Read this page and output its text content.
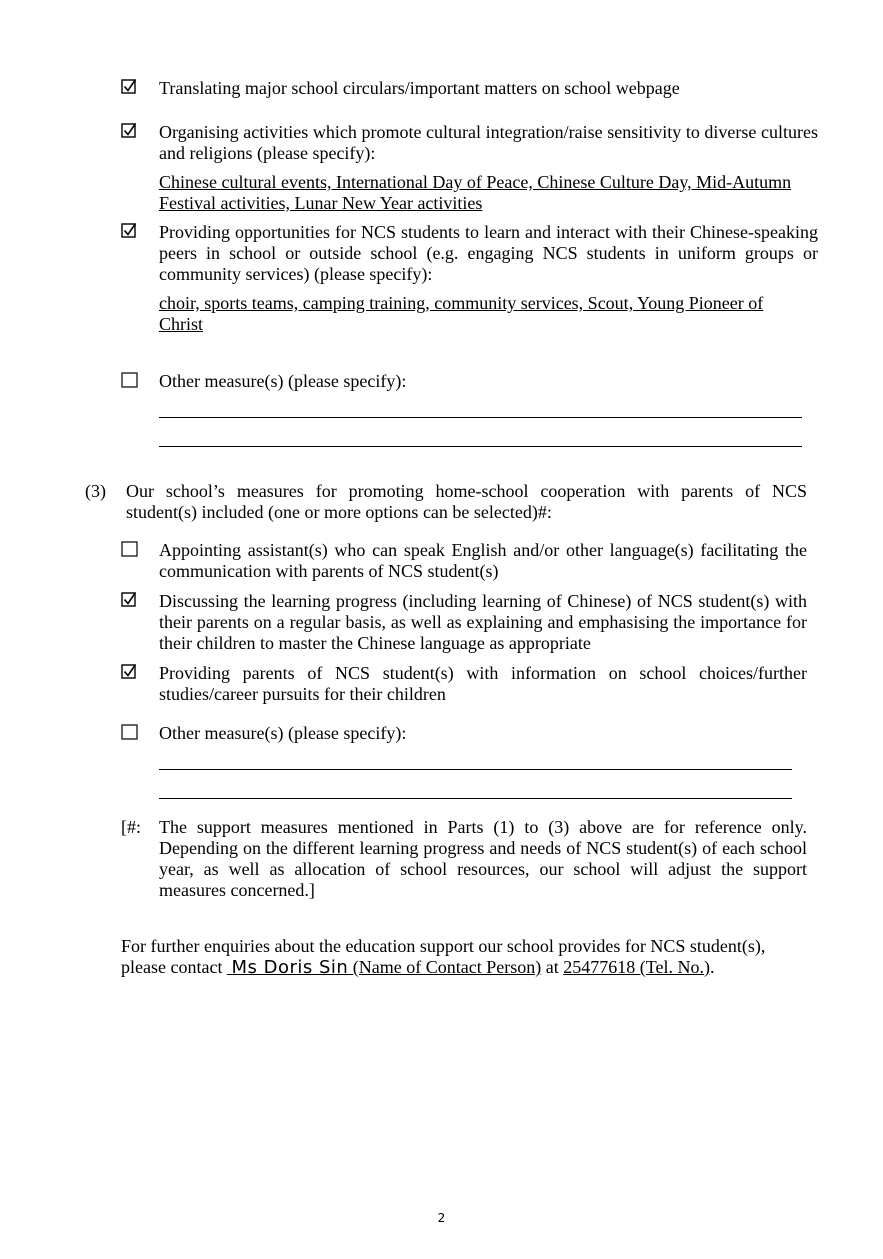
Translating major school circulars/important matters on school webpage
Organising activities which promote cultural integration/raise sensitivity to diverse cultures and religions (please specify):
Chinese cultural events, International Day of Peace, Chinese Culture Day, Mid-Autumn Festival activities, Lunar New Year activities
Providing opportunities for NCS students to learn and interact with their Chinese-speaking peers in school or outside school (e.g. engaging NCS students in uniform groups or community services) (please specify):
choir, sports teams, camping training, community services, Scout, Young Pioneer of Christ
Other measure(s) (please specify):
(3) Our school’s measures for promoting home-school cooperation with parents of NCS student(s) included (one or more options can be selected)#:
Appointing assistant(s) who can speak English and/or other language(s) facilitating the communication with parents of NCS student(s)
Discussing the learning progress (including learning of Chinese) of NCS student(s) with their parents on a regular basis, as well as explaining and emphasising the importance for their children to master the Chinese language as appropriate
Providing parents of NCS student(s) with information on school choices/further studies/career pursuits for their children
Other measure(s) (please specify):
[#: The support measures mentioned in Parts (1) to (3) above are for reference only. Depending on the different learning progress and needs of NCS student(s) of each school year, as well as allocation of school resources, our school will adjust the support measures concerned.]
For further enquiries about the education support our school provides for NCS student(s),
please contact Ms Doris Sin (Name of Contact Person) at 25477618 (Tel. No.).
2
